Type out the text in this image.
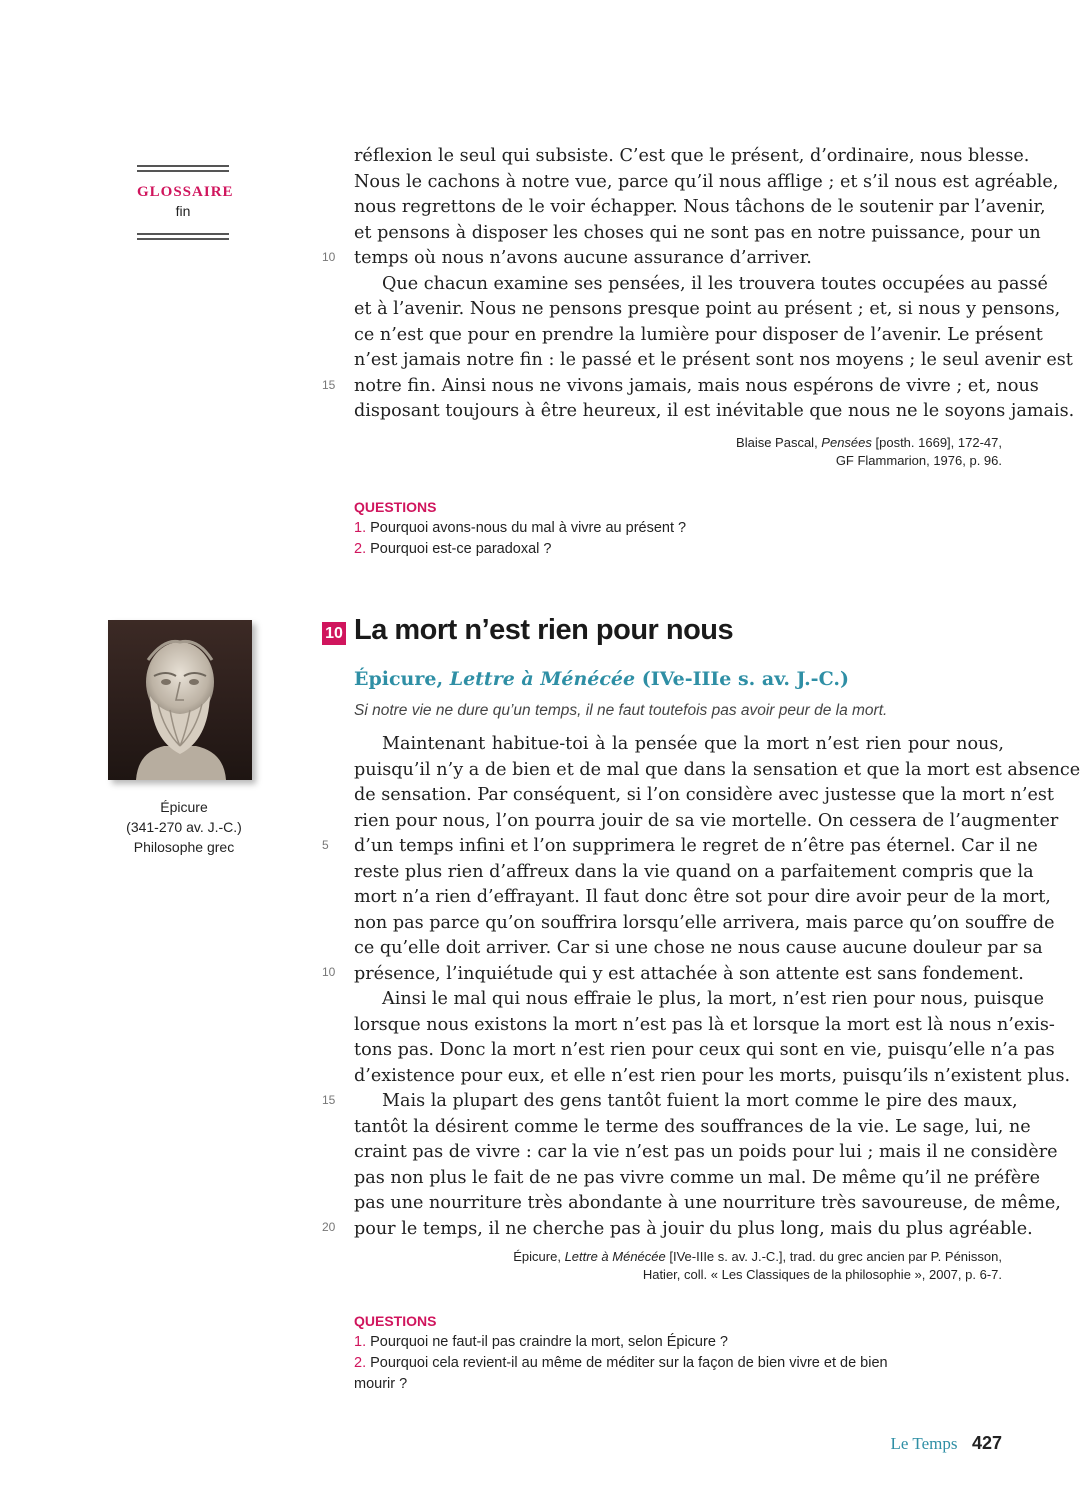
GLOSSAIRE
fin
réflexion le seul qui subsiste. C’est que le présent, d’ordinaire, nous blesse.
Nous le cachons à notre vue, parce qu’il nous afflige ; et s’il nous est agréable,
nous regrettons de le voir échapper. Nous tâchons de le soutenir par l’avenir,
et pensons à disposer les choses qui ne sont pas en notre puissance, pour un
temps où nous n’avons aucune assurance d’arriver.
Que chacun examine ses pensées, il les trouvera toutes occupées au passé
et à l’avenir. Nous ne pensons presque point au présent ; et, si nous y pensons,
ce n’est que pour en prendre la lumière pour disposer de l’avenir. Le présent
n’est jamais notre fin : le passé et le présent sont nos moyens ; le seul avenir est
notre fin. Ainsi nous ne vivons jamais, mais nous espérons de vivre ; et, nous
disposant toujours à être heureux, il est inévitable que nous ne le soyons jamais.
10
15
Blaise Pascal, Pensées [posth. 1669], 172-47,
GF Flammarion, 1976, p. 96.
QUESTIONS
1. Pourquoi avons-nous du mal à vivre au présent ?
2. Pourquoi est-ce paradoxal ?
Épicure
(341-270 av. J.-C.)
Philosophe grec
10 La mort n’est rien pour nous
Épicure, Lettre à Ménécée (IVe-IIIe s. av. J.-C.)
Si notre vie ne dure qu’un temps, il ne faut toutefois pas avoir peur de la mort.
Maintenant habitue-toi à la pensée que la mort n’est rien pour nous,
puisqu’il n’y a de bien et de mal que dans la sensation et que la mort est absence
de sensation. Par conséquent, si l’on considère avec justesse que la mort n’est
rien pour nous, l’on pourra jouir de sa vie mortelle. On cessera de l’augmenter
d’un temps infini et l’on supprimera le regret de n’être pas éternel. Car il ne
reste plus rien d’affreux dans la vie quand on a parfaitement compris que la
mort n’a rien d’effrayant. Il faut donc être sot pour dire avoir peur de la mort,
non pas parce qu’on souffrira lorsqu’elle arrivera, mais parce qu’on souffre de
ce qu’elle doit arriver. Car si une chose ne nous cause aucune douleur par sa
présence, l’inquiétude qui y est attachée à son attente est sans fondement.
Ainsi le mal qui nous effraie le plus, la mort, n’est rien pour nous, puisque
lorsque nous existons la mort n’est pas là et lorsque la mort est là nous n’exis-
tons pas. Donc la mort n’est rien pour ceux qui sont en vie, puisqu’elle n’a pas
d’existence pour eux, et elle n’est rien pour les morts, puisqu’ils n’existent plus.
Mais la plupart des gens tantôt fuient la mort comme le pire des maux,
tantôt la désirent comme le terme des souffrances de la vie. Le sage, lui, ne
craint pas de vivre : car la vie n’est pas un poids pour lui ; mais il ne considère
pas non plus le fait de ne pas vivre comme un mal. De même qu’il ne préfère
pas une nourriture très abondante à une nourriture très savoureuse, de même,
pour le temps, il ne cherche pas à jouir du plus long, mais du plus agréable.
5
10
15
20
Épicure, Lettre à Ménécée [IVe-IIIe s. av. J.-C.], trad. du grec ancien par P. Pénisson,
Hatier, coll. « Les Classiques de la philosophie », 2007, p. 6-7.
QUESTIONS
1. Pourquoi ne faut-il pas craindre la mort, selon Épicure ?
2. Pourquoi cela revient-il au même de méditer sur la façon de bien vivre et de bien mourir ?
Le Temps 427
